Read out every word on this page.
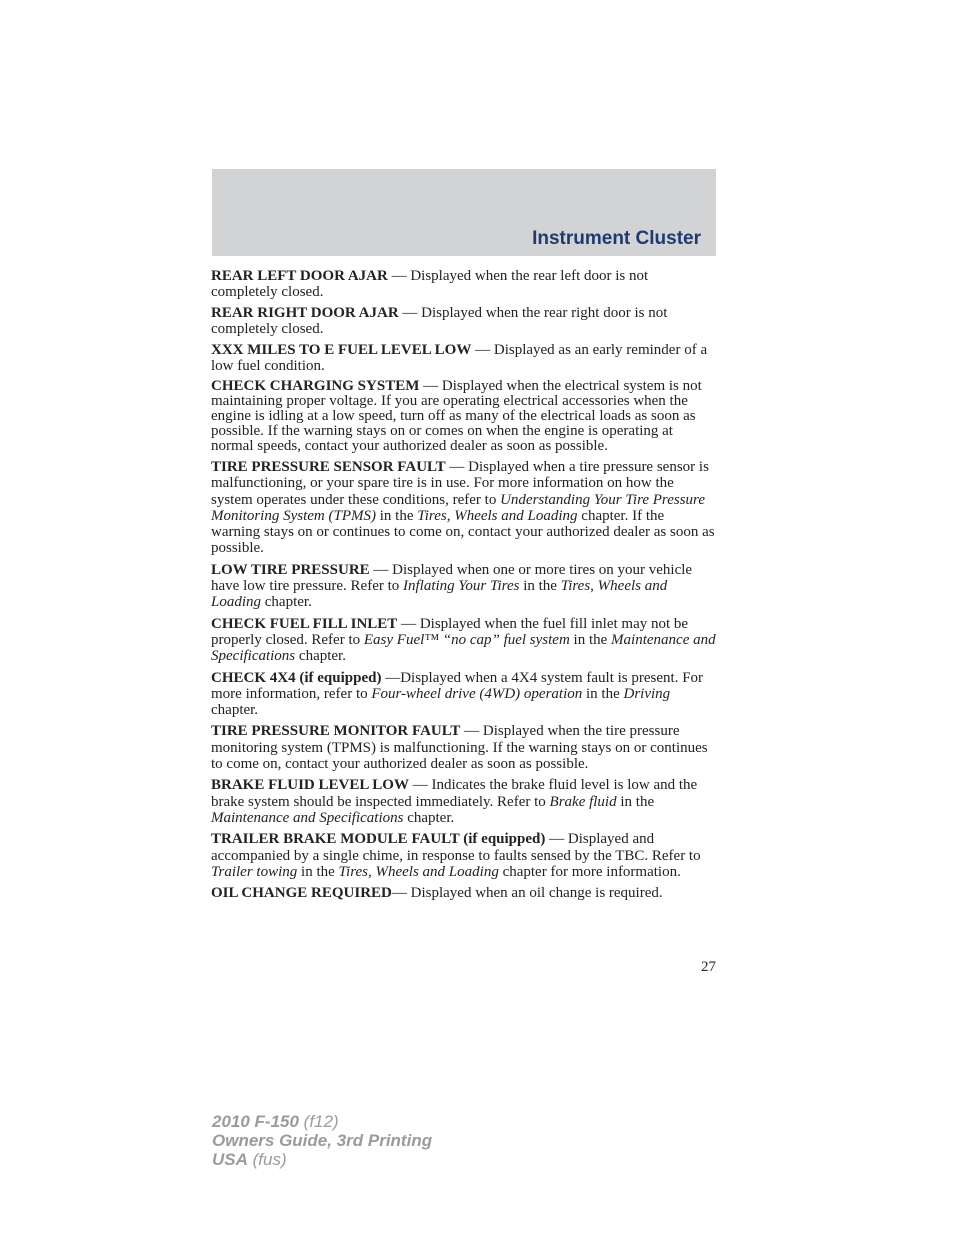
Instrument Cluster

REAR LEFT DOOR AJAR — Displayed when the rear left door is not completely closed.

REAR RIGHT DOOR AJAR — Displayed when the rear right door is not completely closed.

XXX MILES TO E FUEL LEVEL LOW — Displayed as an early reminder of a low fuel condition.

CHECK CHARGING SYSTEM — Displayed when the electrical system is not maintaining proper voltage. If you are operating electrical accessories when the engine is idling at a low speed, turn off as many of the electrical loads as soon as possible. If the warning stays on or comes on when the engine is operating at normal speeds, contact your authorized dealer as soon as possible.

TIRE PRESSURE SENSOR FAULT — Displayed when a tire pressure sensor is malfunctioning, or your spare tire is in use. For more information on how the system operates under these conditions, refer to Understanding Your Tire Pressure Monitoring System (TPMS) in the Tires, Wheels and Loading chapter. If the warning stays on or continues to come on, contact your authorized dealer as soon as possible.

LOW TIRE PRESSURE — Displayed when one or more tires on your vehicle have low tire pressure. Refer to Inflating Your Tires in the Tires, Wheels and Loading chapter.

CHECK FUEL FILL INLET — Displayed when the fuel fill inlet may not be properly closed. Refer to Easy Fuel™ “no cap” fuel system in the Maintenance and Specifications chapter.

CHECK 4X4 (if equipped) —Displayed when a 4X4 system fault is present. For more information, refer to Four-wheel drive (4WD) operation in the Driving chapter.

TIRE PRESSURE MONITOR FAULT — Displayed when the tire pressure monitoring system (TPMS) is malfunctioning. If the warning stays on or continues to come on, contact your authorized dealer as soon as possible.

BRAKE FLUID LEVEL LOW — Indicates the brake fluid level is low and the brake system should be inspected immediately. Refer to Brake fluid in the Maintenance and Specifications chapter.

TRAILER BRAKE MODULE FAULT (if equipped) — Displayed and accompanied by a single chime, in response to faults sensed by the TBC. Refer to Trailer towing in the Tires, Wheels and Loading chapter for more information.

OIL CHANGE REQUIRED— Displayed when an oil change is required.

27
2010 F-150 (f12)
Owners Guide, 3rd Printing
USA (fus)
